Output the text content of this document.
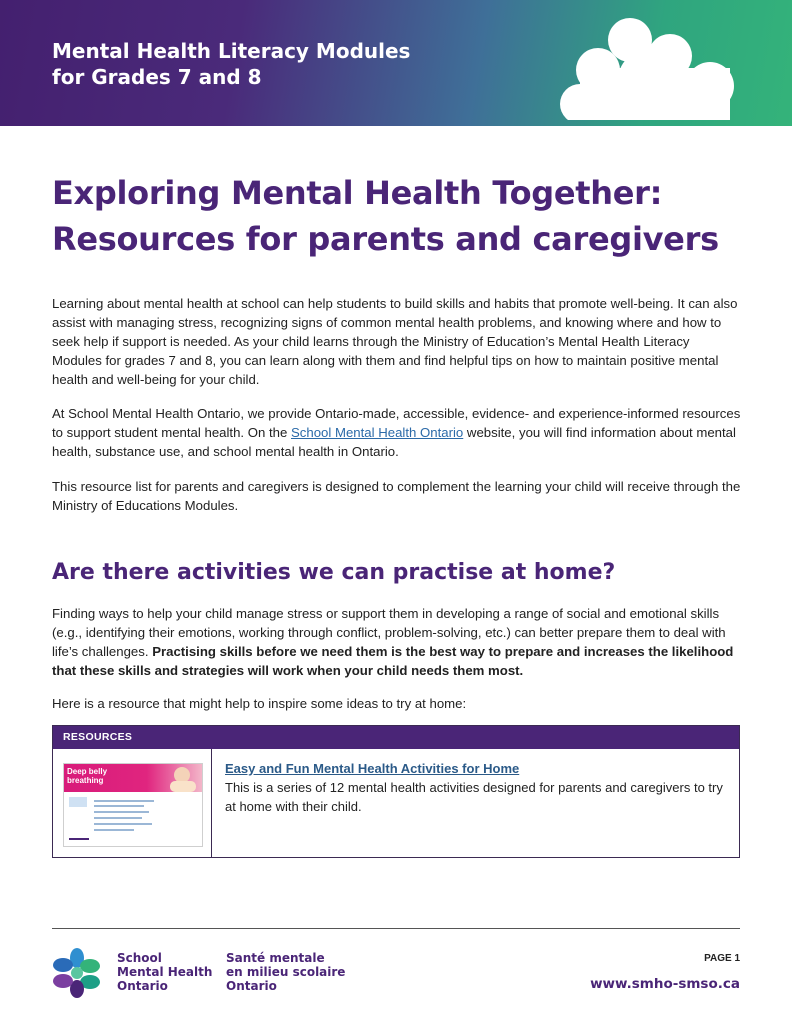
Mental Health Literacy Modules
for Grades 7 and 8
Exploring Mental Health Together:
Resources for parents and caregivers
Learning about mental health at school can help students to build skills and habits that promote well-being. It can also assist with managing stress, recognizing signs of common mental health problems, and knowing where and how to seek help if support is needed. As your child learns through the Ministry of Education’s Mental Health Literacy Modules for grades 7 and 8, you can learn along with them and find helpful tips on how to maintain positive mental health and well-being for your child.
At School Mental Health Ontario, we provide Ontario-made, accessible, evidence- and experience-informed resources to support student mental health. On the School Mental Health Ontario website, you will find information about mental health, substance use, and school mental health in Ontario.
This resource list for parents and caregivers is designed to complement the learning your child will receive through the Ministry of Educations Modules.
Are there activities we can practise at home?
Finding ways to help your child manage stress or support them in developing a range of social and emotional skills (e.g., identifying their emotions, working through conflict, problem-solving, etc.) can better prepare them to deal with life’s challenges. Practising skills before we need them is the best way to prepare and increases the likelihood that these skills and strategies will work when your child needs them most.
Here is a resource that might help to inspire some ideas to try at home:
RESOURCES
Deep belly breathing
Easy and Fun Mental Health Activities for Home
This is a series of 12 mental health activities designed for parents and caregivers to try at home with their child.
School
Mental Health
Ontario
Santé mentale
en milieu scolaire
Ontario
PAGE 1
www.smho-smso.ca
